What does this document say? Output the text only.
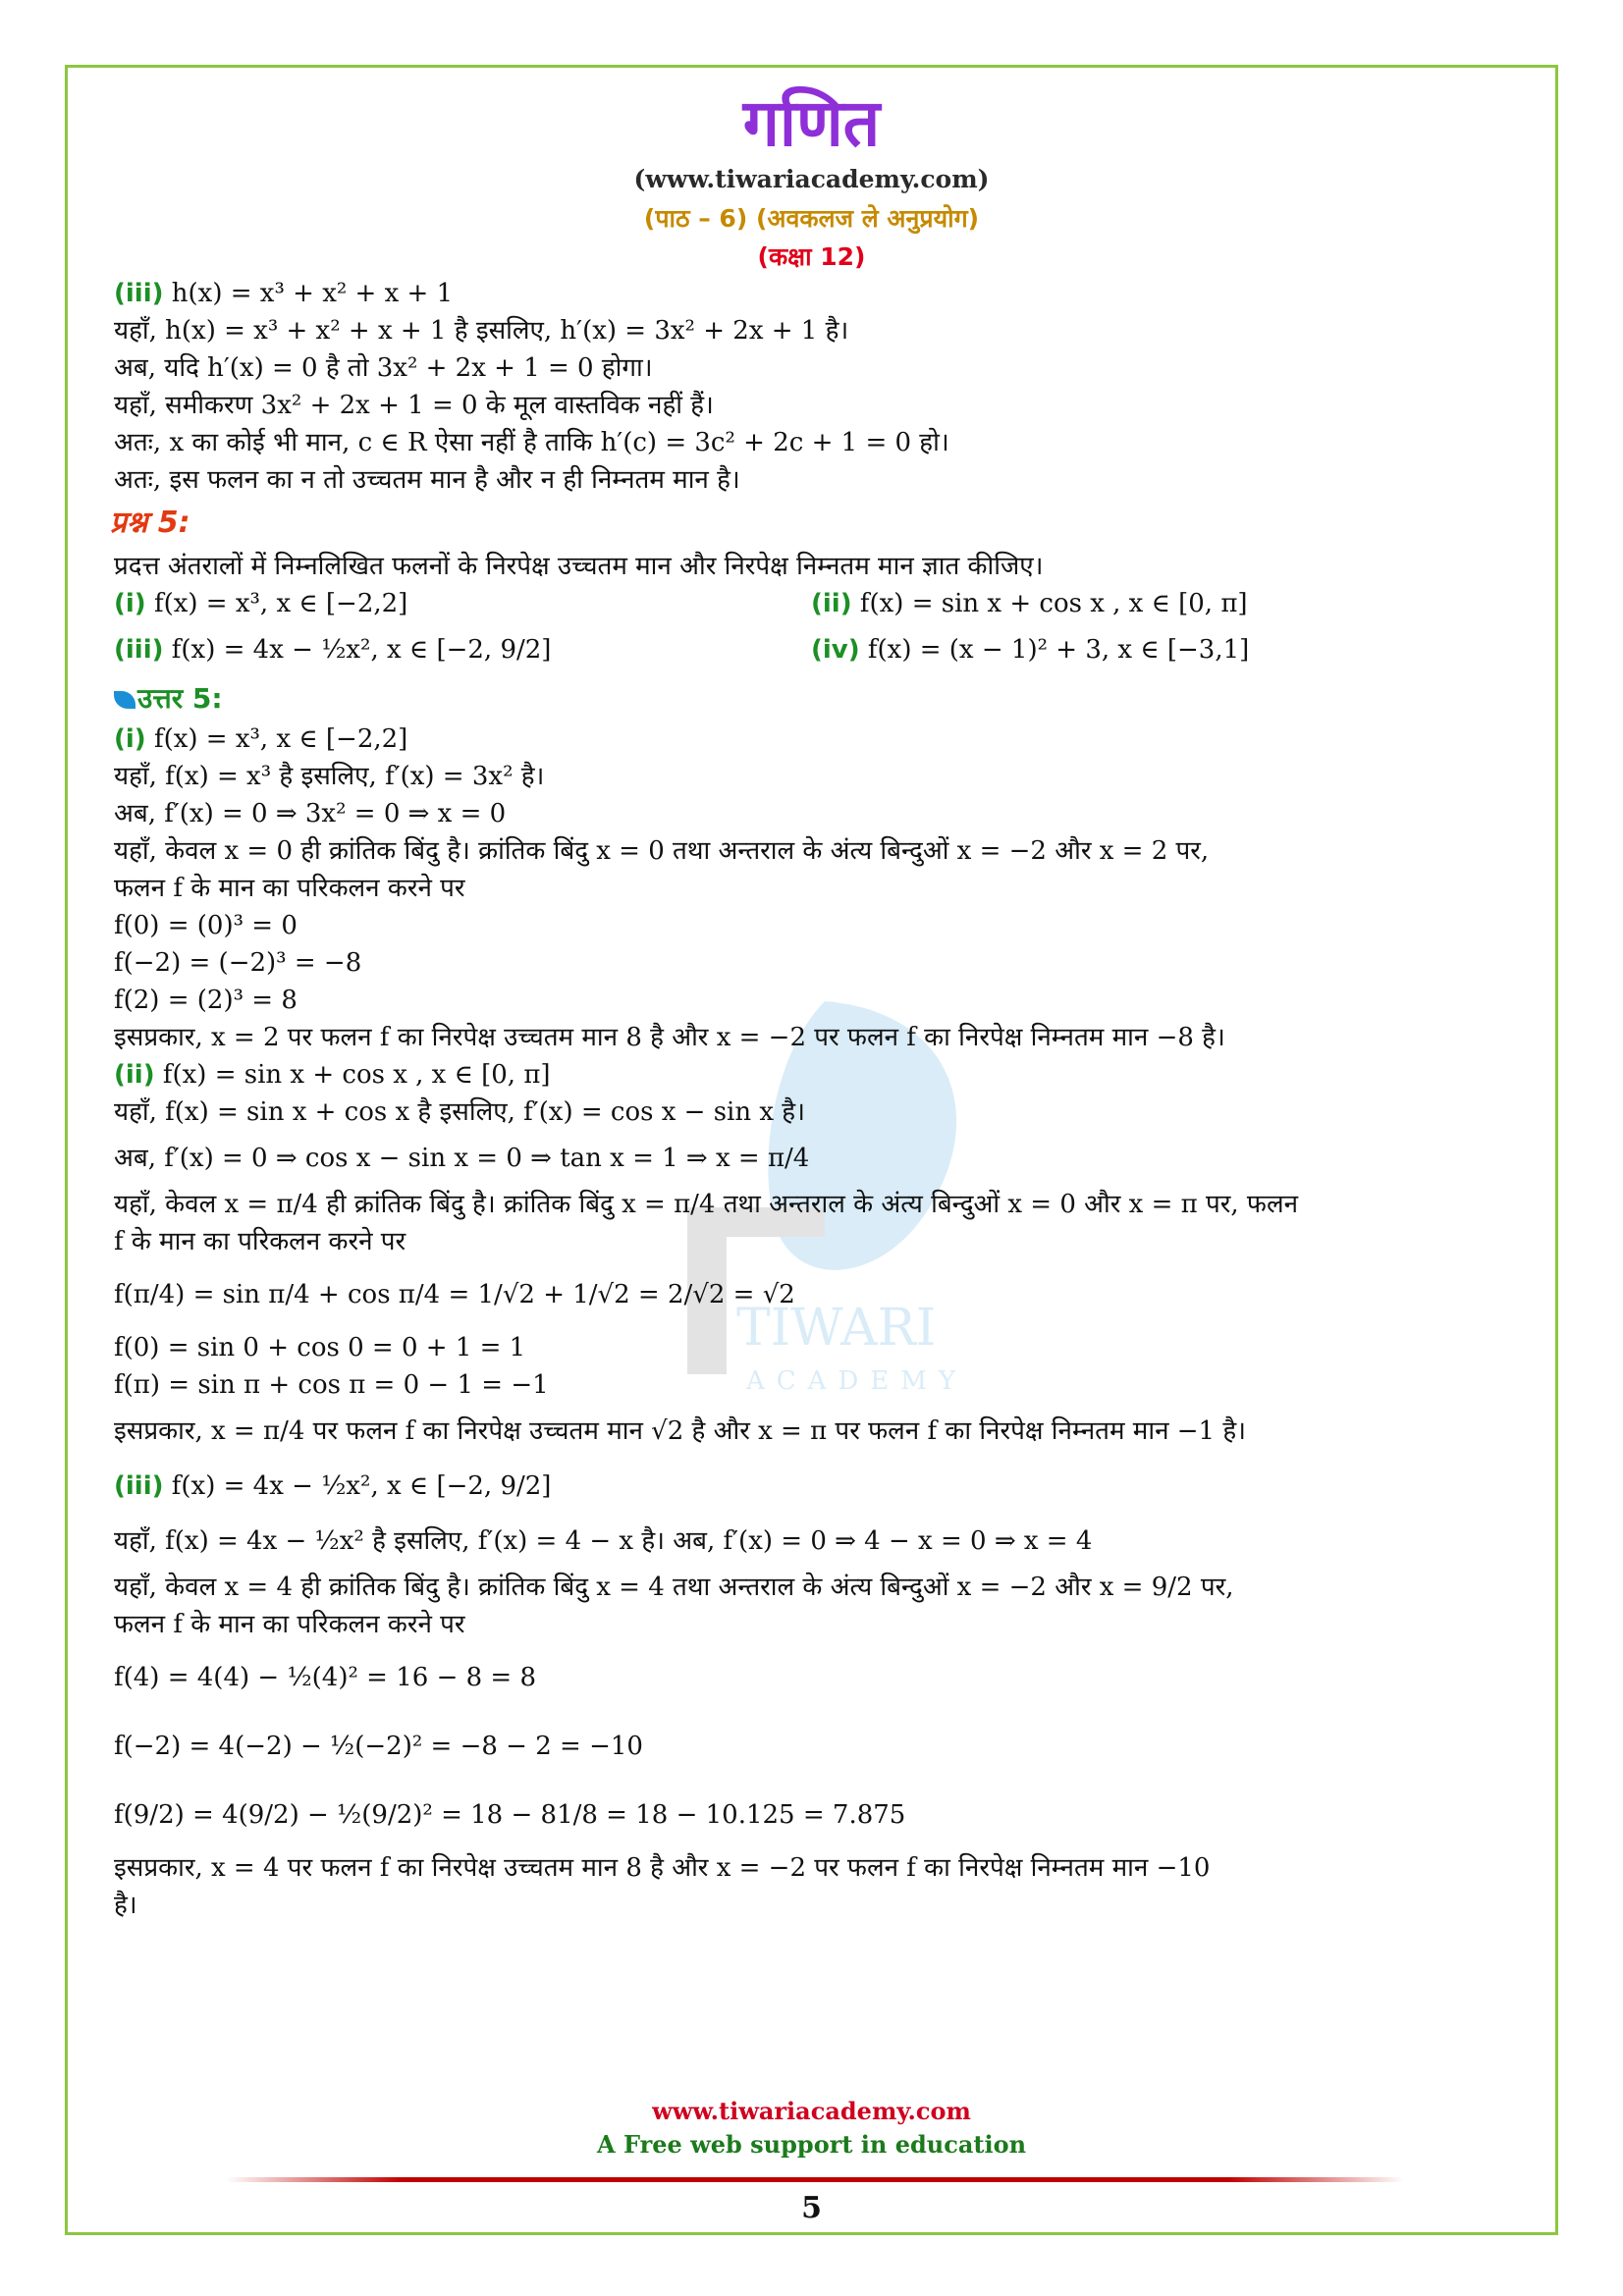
TIWARI
ACADEMY
गणित
(www.tiwariacademy.com)
(पाठ – 6) (अवकलज ले अनुप्रयोग)
(कक्षा 12)
(iii) h(x) = x³ + x² + x + 1
यहाँ, h(x) = x³ + x² + x + 1 है इसलिए, h′(x) = 3x² + 2x + 1 है।
अब, यदि h′(x) = 0 है तो 3x² + 2x + 1 = 0 होगा।
यहाँ, समीकरण 3x² + 2x + 1 = 0 के मूल वास्तविक नहीं हैं।
अतः, x का कोई भी मान, c ∈ R ऐसा नहीं है ताकि h′(c) = 3c² + 2c + 1 = 0 हो।
अतः, इस फलन का न तो उच्चतम मान है और न ही निम्नतम मान है।
प्रश्न 5:
प्रदत्त अंतरालों में निम्नलिखित फलनों के निरपेक्ष उच्चतम मान और निरपेक्ष निम्नतम मान ज्ञात कीजिए।
(i) f(x) = x³, x ∈ [−2,2]	(ii) f(x) = sin x + cos x , x ∈ [0, π]
(iii) f(x) = 4x − ½x², x ∈ [−2, 9/2]	(iv) f(x) = (x − 1)² + 3, x ∈ [−3,1]
उत्तर 5:
(i) f(x) = x³, x ∈ [−2,2]
यहाँ, f(x) = x³ है इसलिए, f′(x) = 3x² है।
अब, f′(x) = 0 ⇒ 3x² = 0 ⇒ x = 0
यहाँ, केवल x = 0 ही क्रांतिक बिंदु है। क्रांतिक बिंदु x = 0 तथा अन्तराल के अंत्य बिन्दुओं x = −2 और x = 2 पर,
फलन f के मान का परिकलन करने पर
f(0) = (0)³ = 0
f(−2) = (−2)³ = −8
f(2) = (2)³ = 8
इसप्रकार, x = 2 पर फलन f का निरपेक्ष उच्चतम मान 8 है और x = −2 पर फलन f का निरपेक्ष निम्नतम मान −8 है।
(ii) f(x) = sin x + cos x , x ∈ [0, π]
यहाँ, f(x) = sin x + cos x है इसलिए, f′(x) = cos x − sin x है।
अब, f′(x) = 0 ⇒ cos x − sin x = 0 ⇒ tan x = 1 ⇒ x = π/4
यहाँ, केवल x = π/4 ही क्रांतिक बिंदु है। क्रांतिक बिंदु x = π/4 तथा अन्तराल के अंत्य बिन्दुओं x = 0 और x = π पर, फलन
f के मान का परिकलन करने पर
f(π/4) = sin π/4 + cos π/4 = 1/√2 + 1/√2 = 2/√2 = √2
f(0) = sin 0 + cos 0 = 0 + 1 = 1
f(π) = sin π + cos π = 0 − 1 = −1
इसप्रकार, x = π/4 पर फलन f का निरपेक्ष उच्चतम मान √2 है और x = π पर फलन f का निरपेक्ष निम्नतम मान −1 है।
(iii) f(x) = 4x − ½x², x ∈ [−2, 9/2]
यहाँ, f(x) = 4x − ½x² है इसलिए, f′(x) = 4 − x है। अब, f′(x) = 0 ⇒ 4 − x = 0 ⇒ x = 4
यहाँ, केवल x = 4 ही क्रांतिक बिंदु है। क्रांतिक बिंदु x = 4 तथा अन्तराल के अंत्य बिन्दुओं x = −2 और x = 9/2 पर,
फलन f के मान का परिकलन करने पर
f(4) = 4(4) − ½(4)² = 16 − 8 = 8
f(−2) = 4(−2) − ½(−2)² = −8 − 2 = −10
f(9/2) = 4(9/2) − ½(9/2)² = 18 − 81/8 = 18 − 10.125 = 7.875
इसप्रकार, x = 4 पर फलन f का निरपेक्ष उच्चतम मान 8 है और x = −2 पर फलन f का निरपेक्ष निम्नतम मान −10
है।
www.tiwariacademy.com
A Free web support in education
5
